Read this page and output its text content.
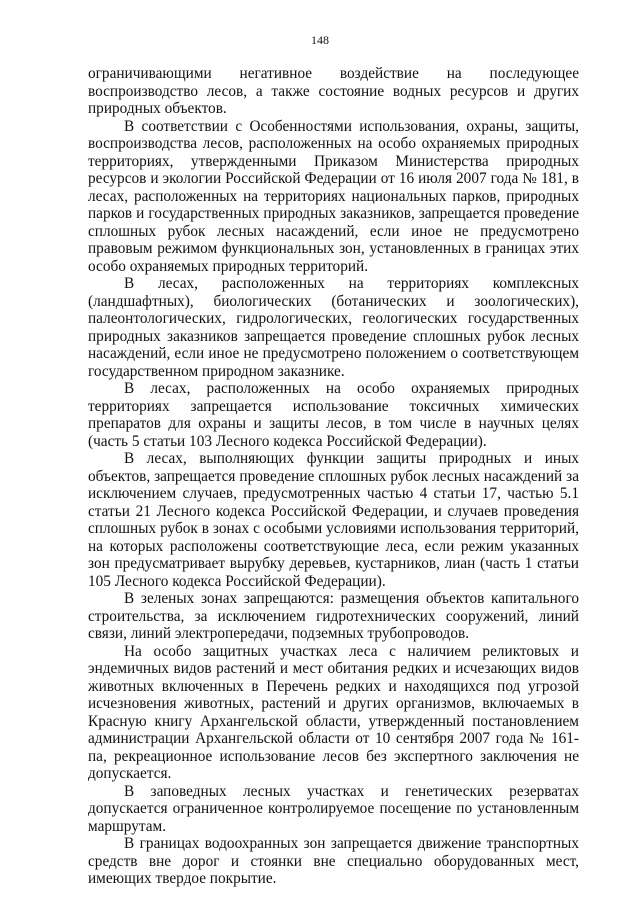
148

ограничивающими негативное воздействие на последующее воспроизводство лесов, а также состояние водных ресурсов и других природных объектов.

В соответствии с Особенностями использования, охраны, защиты, воспроизводства лесов, расположенных на особо охраняемых природных территориях, утвержденными Приказом Министерства природных ресурсов и экологии Российской Федерации от 16 июля 2007 года № 181, в лесах, расположенных на территориях национальных парков, природных парков и государственных природных заказников, запрещается проведение сплошных рубок лесных насаждений, если иное не предусмотрено правовым режимом функциональных зон, установленных в границах этих особо охраняемых природных территорий.

В лесах, расположенных на территориях комплексных (ландшафтных), биологических (ботанических и зоологических), палеонтологических, гидрологических, геологических государственных природных заказников запрещается проведение сплошных рубок лесных насаждений, если иное не предусмотрено положением о соответствующем государственном природном заказнике.

В лесах, расположенных на особо охраняемых природных территориях запрещается использование токсичных химических препаратов для охраны и защиты лесов, в том числе в научных целях (часть 5 статьи 103 Лесного кодекса Российской Федерации).

В лесах, выполняющих функции защиты природных и иных объектов, запрещается проведение сплошных рубок лесных насаждений за исключением случаев, предусмотренных частью 4 статьи 17, частью 5.1 статьи 21 Лесного кодекса Российской Федерации, и случаев проведения сплошных рубок в зонах с особыми условиями использования территорий, на которых расположены соответствующие леса, если режим указанных зон предусматривает вырубку деревьев, кустарников, лиан (часть 1 статьи 105 Лесного кодекса Российской Федерации).

В зеленых зонах запрещаются: размещения объектов капитального строительства, за исключением гидротехнических сооружений, линий связи, линий электропередачи, подземных трубопроводов.

На особо защитных участках леса с наличием реликтовых и эндемичных видов растений и мест обитания редких и исчезающих видов животных включенных в Перечень редких и находящихся под угрозой исчезновения животных, растений и других организмов, включаемых в Красную книгу Архангельской области, утвержденный постановлением администрации Архангельской области от 10 сентября 2007 года № 161-па, рекреационное использование лесов без экспертного заключения не допускается.

В заповедных лесных участках и генетических резерватах допускается ограниченное контролируемое посещение по установленным маршрутам.

В границах водоохранных зон запрещается движение транспортных средств вне дорог и стоянки вне специально оборудованных мест, имеющих твердое покрытие.
